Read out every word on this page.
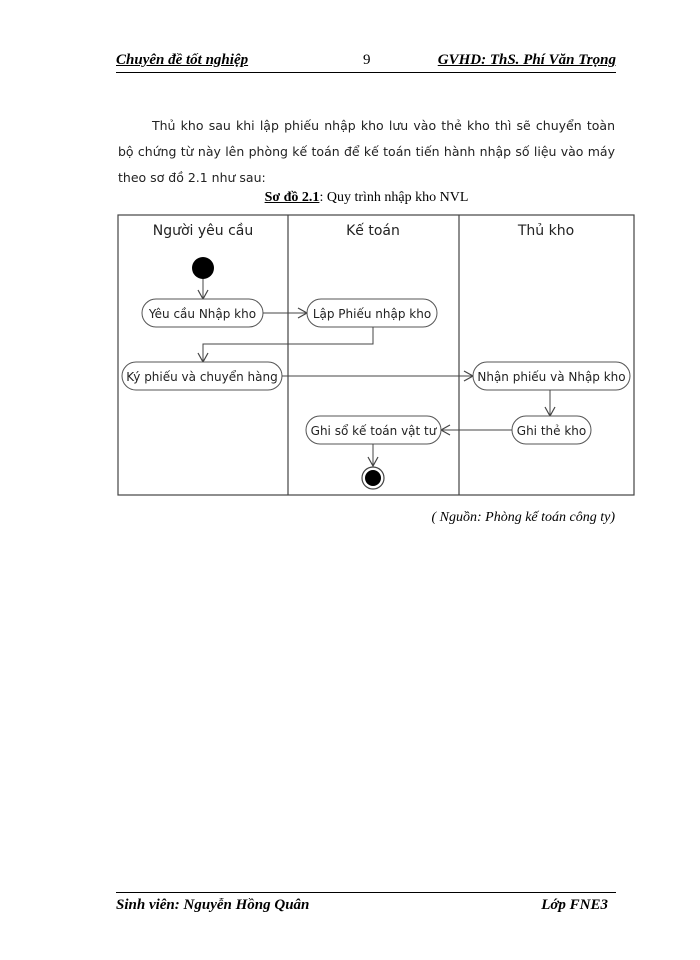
Chuyên đề tốt nghiệp	9	GVHD: ThS. Phí Văn Trọng
Thủ kho sau khi lập phiếu nhập kho lưu vào thẻ kho thì sẽ chuyển toàn bộ chứng từ này lên phòng kế toán để kế toán tiến hành nhập số liệu vào máy theo sơ đồ 2.1 như sau:
Sơ đồ 2.1: Quy trình nhập kho NVL
Người yêu cầu	Kế toán	Thủ kho
Yêu cầu Nhập kho	Lập Phiếu nhập kho
Ký phiếu và chuyển hàng	Nhận phiếu và Nhập kho
Ghi thẻ kho
Ghi sổ kế toán vật tư
( Nguồn: Phòng kế toán công ty)
Sinh viên: Nguyễn Hồng Quân	Lớp FNE3
